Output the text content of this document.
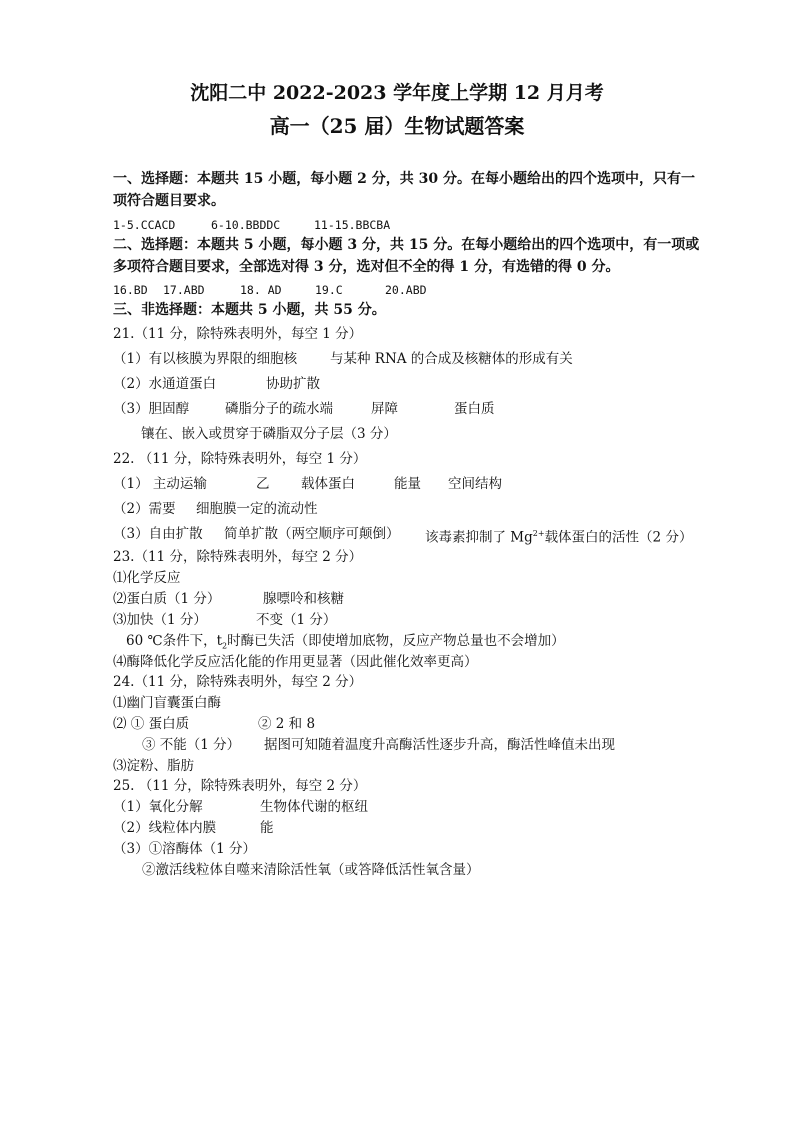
沈阳二中 2022-2023 学年度上学期 12 月月考
高一（25 届）生物试题答案
一、选择题：本题共 15 小题，每小题 2 分，共 30 分。在每小题给出的四个选项中，只有一
项符合题目要求。
1-5.CCACD	6-10.BBDDC	11-15.BBCBA
二、选择题：本题共 5 小题，每小题 3 分，共 15 分。在每小题给出的四个选项中，有一项或
多项符合题目要求，全部选对得 3 分，选对但不全的得 1 分，有选错的得 0 分。
16.BD 17.ABD	18. AD	19.C	20.ABD
三、非选择题：本题共 5 小题，共 55 分。
21.（11 分，除特殊表明外，每空 1 分）
（1）有以核膜为界限的细胞核 与某种 RNA 的合成及核糖体的形成有关
（2）水通道蛋白	协助扩散
（3）胆固醇	磷脂分子的疏水端	屏障	蛋白质
镶在、嵌入或贯穿于磷脂双分子层（3 分）
22. （11 分，除特殊表明外，每空 1 分）
（1） 主动运输	乙 载体蛋白	能量 空间结构
（2）需要 细胞膜一定的流动性
（3）自由扩散 简单扩散（两空顺序可颠倒） 该毒素抑制了 $Mg^{2+}$载体蛋白的活性（2 分）
23.（11 分，除特殊表明外，每空 2 分）
⑴化学反应
⑵蛋白质（1 分）	腺嘌呤和核糖
⑶加快（1 分）	不变（1 分）
60 ℃条件下，$t_2$时酶已失活（即使增加底物，反应产物总量也不会增加）
⑷酶降低化学反应活化能的作用更显著（因此催化效率更高）
24.（11 分，除特殊表明外，每空 2 分）
⑴幽门盲囊蛋白酶
⑵ ① 蛋白质	② 2 和 8
③ 不能（1 分） 据图可知随着温度升高酶活性逐步升高，酶活性峰值未出现
⑶淀粉、脂肪
25. （11 分，除特殊表明外，每空 2 分）
（1）氧化分解	生物体代谢的枢纽
（2）线粒体内膜	能
（3）①溶酶体（1 分）
②激活线粒体自噬来清除活性氧（或答降低活性氧含量）
